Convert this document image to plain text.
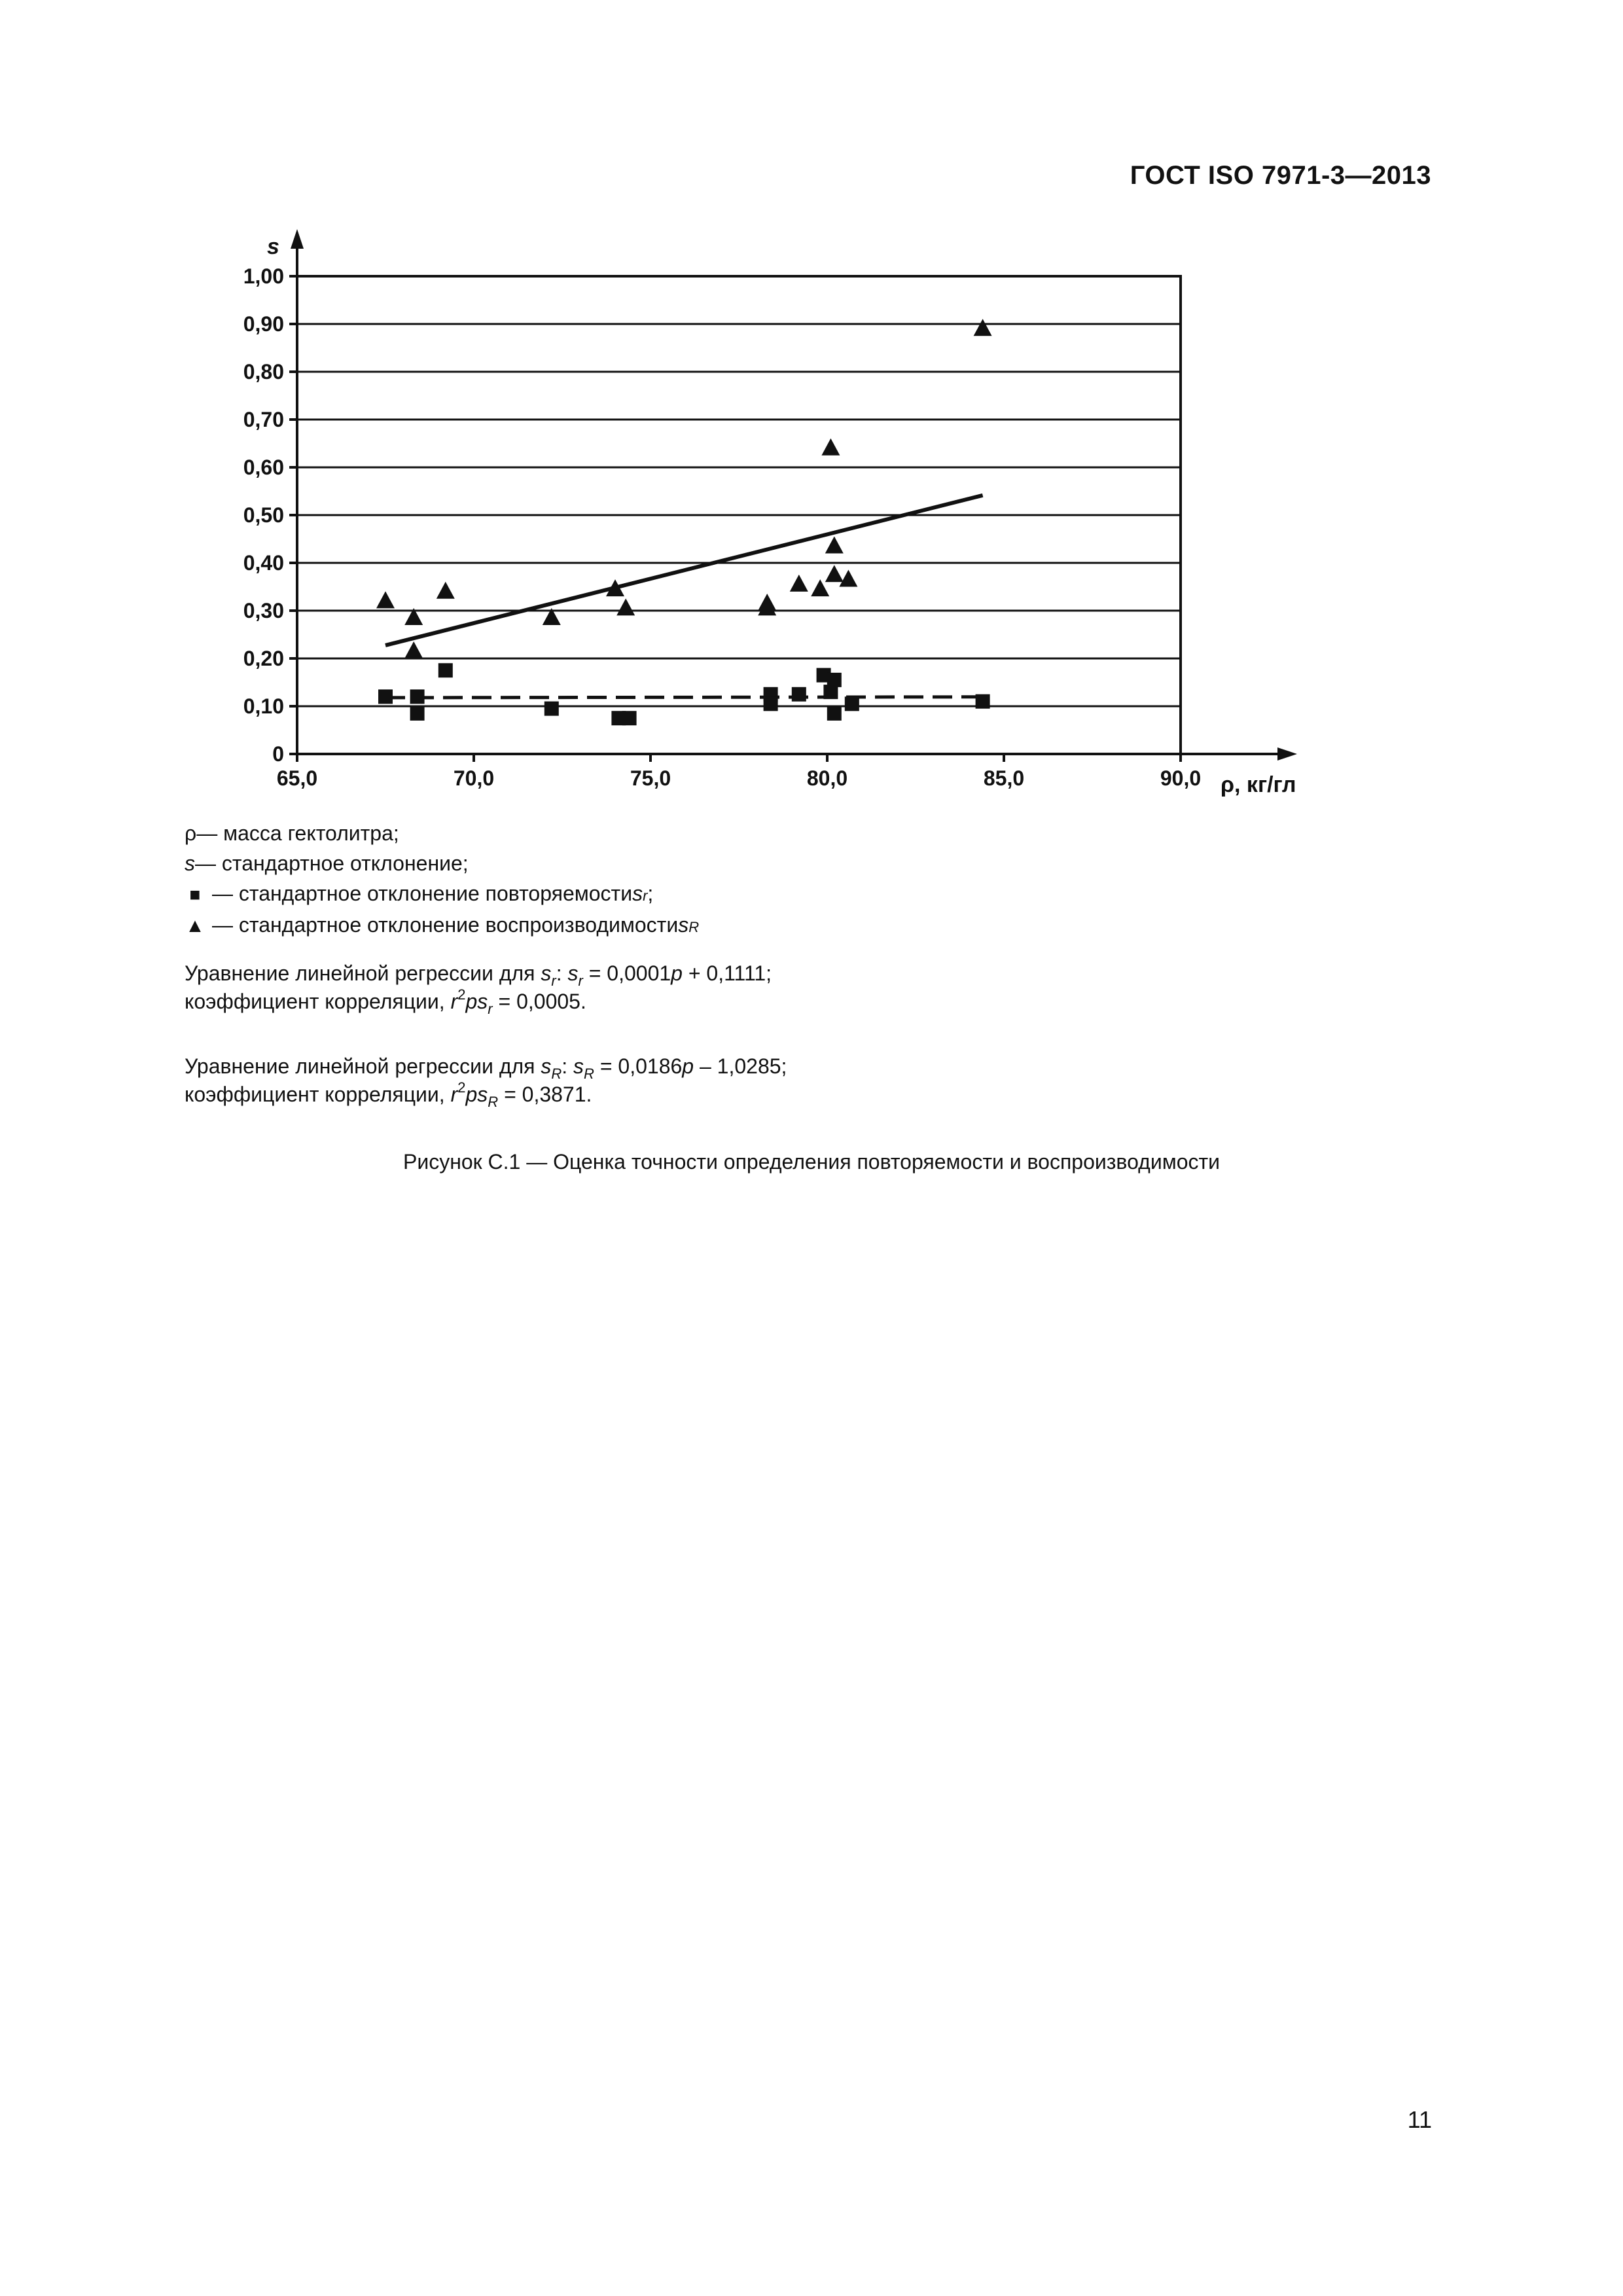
ГОСТ ISO 7971-3—2013
0
0,10
0,20
0,30
0,40
0,50
0,60
0,70
0,80
0,90
1,00
65,0	70,0	75,0	80,0	85,0	90,0 ρ, кг/гл
s
ρ — масса гектолитра;
s — стандартное отклонение;
■ — стандартное отклонение повторяемости s r ;
▲ — стандартное отклонение воспроизводимости s R
Уравнение линейной регрессии для $s_r$: $s_r = 0,0001p + 0,1111$;
коэффициент корреляции, $r^2ps_r = 0,0005$.
Уравнение линейной регрессии для $s_R$: $s_R = 0,0186p - 1,0285$;
коэффициент корреляции, $r^2ps_R = 0,3871$.
Рисунок С.1 — Оценка точности определения повторяемости и воспроизводимости
11
